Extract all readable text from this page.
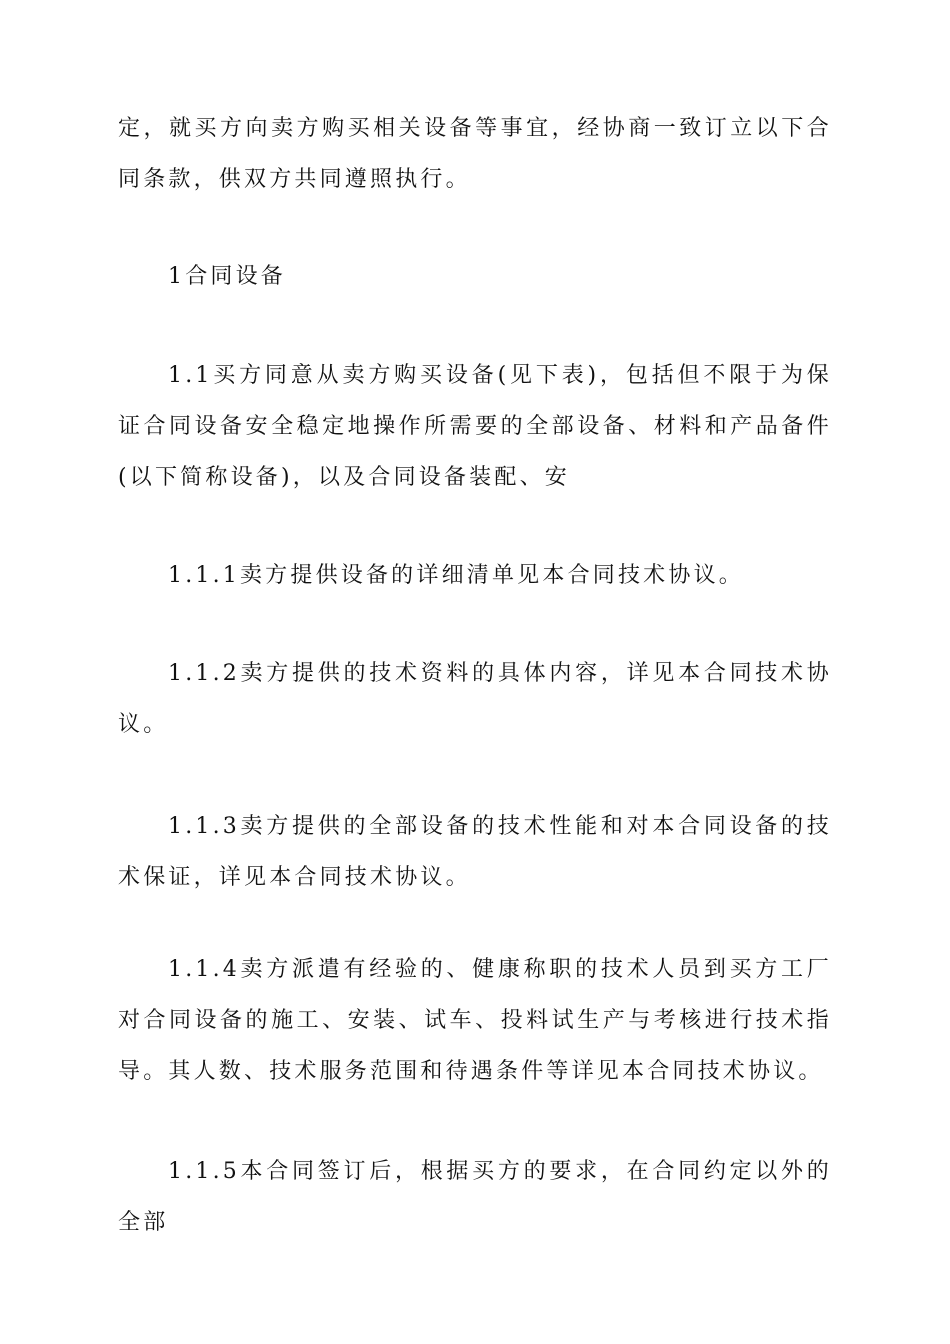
定，就买方向卖方购买相关设备等事宜，经协商一致订立以下合同条款，供双方共同遵照执行。

1合同设备

1.1买方同意从卖方购买设备(见下表)，包括但不限于为保证合同设备安全稳定地操作所需要的全部设备、材料和产品备件(以下简称设备)，以及合同设备装配、安

1.1.1卖方提供设备的详细清单见本合同技术协议。

1.1.2卖方提供的技术资料的具体内容，详见本合同技术协议。

1.1.3卖方提供的全部设备的技术性能和对本合同设备的技术保证，详见本合同技术协议。

1.1.4卖方派遣有经验的、健康称职的技术人员到买方工厂对合同设备的施工、安装、试车、投料试生产与考核进行技术指导。其人数、技术服务范围和待遇条件等详见本合同技术协议。

1.1.5本合同签订后，根据买方的要求，在合同约定以外的全部
